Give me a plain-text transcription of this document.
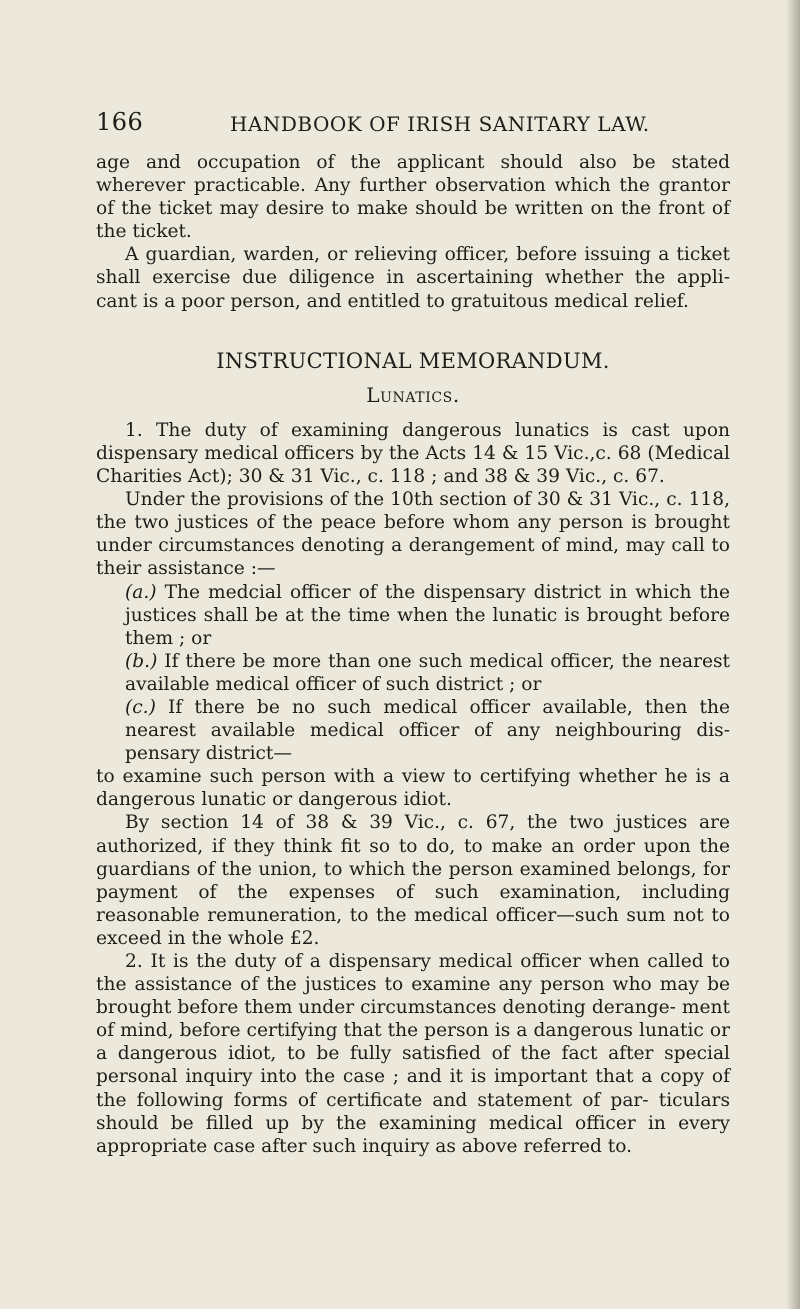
166	HANDBOOK OF IRISH SANITARY LAW.

age and occupation of the applicant should also be stated wherever practicable. Any further observation which the grantor of the ticket may desire to make should be written on the front of the ticket.

A guardian, warden, or relieving officer, before issuing a ticket shall exercise due diligence in ascertaining whether the appli- cant is a poor person, and entitled to gratuitous medical relief.

INSTRUCTIONAL MEMORANDUM.

Lunatics.

1. The duty of examining dangerous lunatics is cast upon dispensary medical officers by the Acts 14 & 15 Vic.,c. 68 (Medical Charities Act); 30 & 31 Vic., c. 118 ; and 38 & 39 Vic., c. 67.

Under the provisions of the 10th section of 30 & 31 Vic., c. 118, the two justices of the peace before whom any person is brought under circumstances denoting a derangement of mind, may call to their assistance :—

(a.) The medcial officer of the dispensary district in which the justices shall be at the time when the lunatic is brought before them ; or

(b.) If there be more than one such medical officer, the nearest available medical officer of such district ; or

(c.) If there be no such medical officer available, then the nearest available medical officer of any neighbouring dis- pensary district—

to examine such person with a view to certifying whether he is a dangerous lunatic or dangerous idiot.

By section 14 of 38 & 39 Vic., c. 67, the two justices are authorized, if they think fit so to do, to make an order upon the guardians of the union, to which the person examined belongs, for payment of the expenses of such examination, including reasonable remuneration, to the medical officer—such sum not to exceed in the whole £2.

2. It is the duty of a dispensary medical officer when called to the assistance of the justices to examine any person who may be brought before them under circumstances denoting derange- ment of mind, before certifying that the person is a dangerous lunatic or a dangerous idiot, to be fully satisfied of the fact after special personal inquiry into the case ; and it is important that a copy of the following forms of certificate and statement of par- ticulars should be filled up by the examining medical officer in every appropriate case after such inquiry as above referred to.
